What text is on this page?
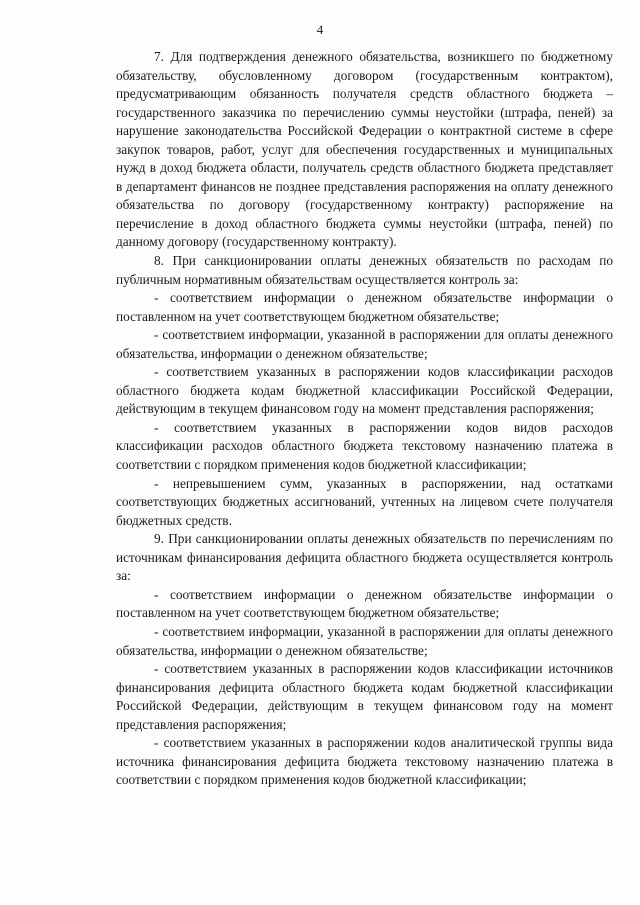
4

7. Для подтверждения денежного обязательства, возникшего по бюджетному обязательству, обусловленному договором (государственным контрактом), предусматривающим обязанность получателя средств областного бюджета – государственного заказчика по перечислению суммы неустойки (штрафа, пеней) за нарушение законодательства Российской Федерации о контрактной системе в сфере закупок товаров, работ, услуг для обеспечения государственных и муниципальных нужд в доход бюджета области, получатель средств областного бюджета представляет в департамент финансов не позднее представления распоряжения на оплату денежного обязательства по договору (государственному контракту) распоряжение на перечисление в доход областного бюджета суммы неустойки (штрафа, пеней) по данному договору (государственному контракту).

8. При санкционировании оплаты денежных обязательств по расходам по публичным нормативным обязательствам осуществляется контроль за:

- соответствием информации о денежном обязательстве информации о поставленном на учет соответствующем бюджетном обязательстве;

- соответствием информации, указанной в распоряжении для оплаты денежного обязательства, информации о денежном обязательстве;

- соответствием указанных в распоряжении кодов классификации расходов областного бюджета кодам бюджетной классификации Российской Федерации, действующим в текущем финансовом году на момент представления распоряжения;

- соответствием указанных в распоряжении кодов видов расходов классификации расходов областного бюджета текстовому назначению платежа в соответствии с порядком применения кодов бюджетной классификации;

- непревышением сумм, указанных в распоряжении, над остатками соответствующих бюджетных ассигнований, учтенных на лицевом счете получателя бюджетных средств.

9. При санкционировании оплаты денежных обязательств по перечислениям по источникам финансирования дефицита областного бюджета осуществляется контроль за:

- соответствием информации о денежном обязательстве информации о поставленном на учет соответствующем бюджетном обязательстве;

- соответствием информации, указанной в распоряжении для оплаты денежного обязательства, информации о денежном обязательстве;

- соответствием указанных в распоряжении кодов классификации источников финансирования дефицита областного бюджета кодам бюджетной классификации Российской Федерации, действующим в текущем финансовом году на момент представления распоряжения;

- соответствием указанных в распоряжении кодов аналитической группы вида источника финансирования дефицита бюджета текстовому назначению платежа в соответствии с порядком применения кодов бюджетной классификации;
